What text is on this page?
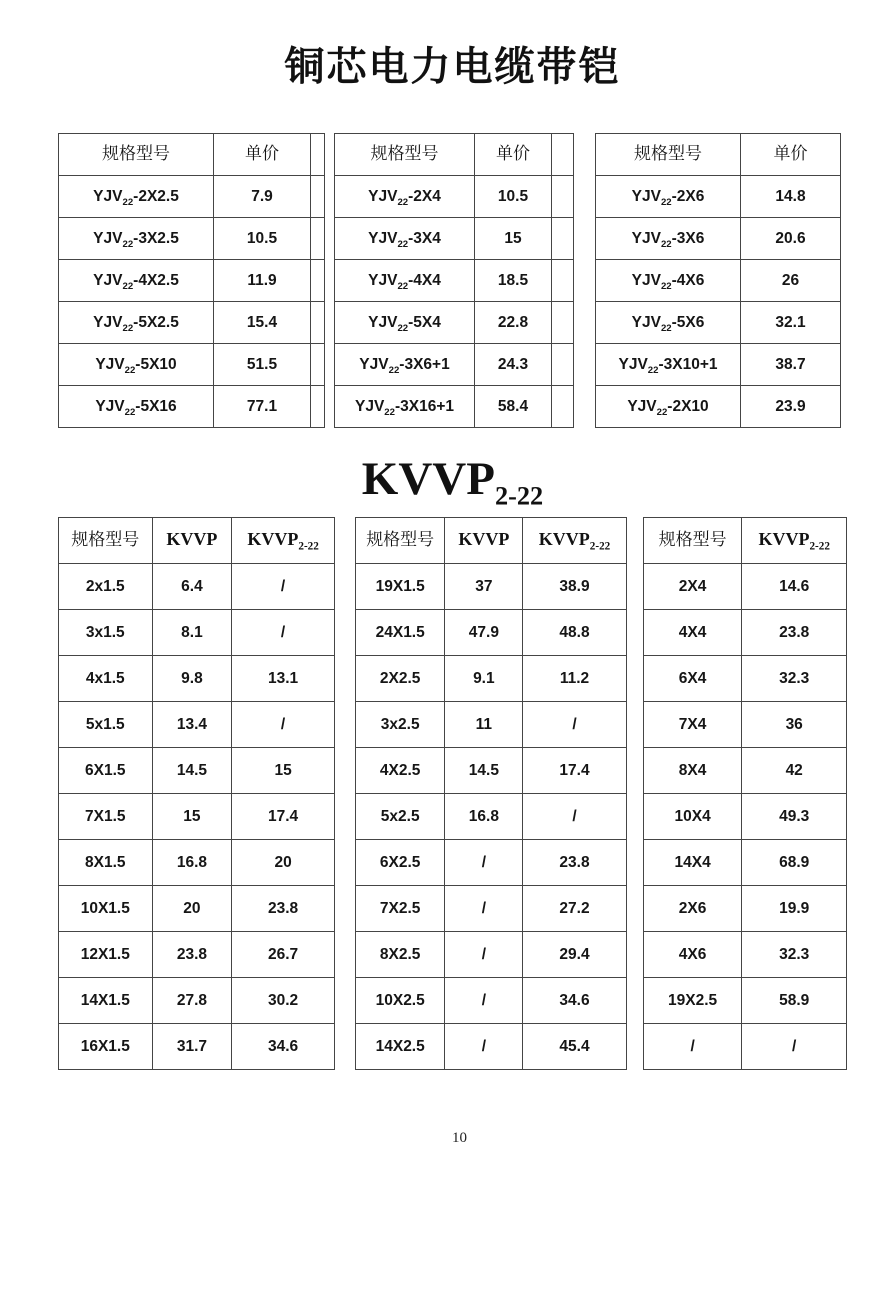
铜芯电力电缆带铠
规格型号	单价	
$YJV_{22}-2X2.5$	7.9	
$YJV_{22}-3X2.5$	10.5	
$YJV_{22}-4X2.5$	11.9	
$YJV_{22}-5X2.5$	15.4	
$YJV_{22}-5X10$	51.5	
$YJV_{22}-5X16$	77.1	
规格型号	单价	
$YJV_{22}-2X4$	10.5	
$YJV_{22}-3X4$	15	
$YJV_{22}-4X4$	18.5	
$YJV_{22}-5X4$	22.8	
$YJV_{22}-3X6+1$	24.3	
$YJV_{22}-3X16+1$	58.4	
规格型号	单价
$YJV_{22}-2X6$	14.8
$YJV_{22}-3X6$	20.6
$YJV_{22}-4X6$	26
$YJV_{22}-5X6$	32.1
$YJV_{22}-3X10+1$	38.7
$YJV_{22}-2X10$	23.9
$KVVP_{2-22}$
规格型号	KVVP	$KVVP_{2-22}$
2x1.5	6.4	/
3x1.5	8.1	/
4x1.5	9.8	13.1
5x1.5	13.4	/
6X1.5	14.5	15
7X1.5	15	17.4
8X1.5	16.8	20
10X1.5	20	23.8
12X1.5	23.8	26.7
14X1.5	27.8	30.2
16X1.5	31.7	34.6
规格型号	KVVP	$KVVP_{2-22}$
19X1.5	37	38.9
24X1.5	47.9	48.8
2X2.5	9.1	11.2
3x2.5	11	/
4X2.5	14.5	17.4
5x2.5	16.8	/
6X2.5	/	23.8
7X2.5	/	27.2
8X2.5	/	29.4
10X2.5	/	34.6
14X2.5	/	45.4
规格型号	$KVVP_{2-22}$
2X4	14.6
4X4	23.8
6X4	32.3
7X4	36
8X4	42
10X4	49.3
14X4	68.9
2X6	19.9
4X6	32.3
19X2.5	58.9
/	/
10
